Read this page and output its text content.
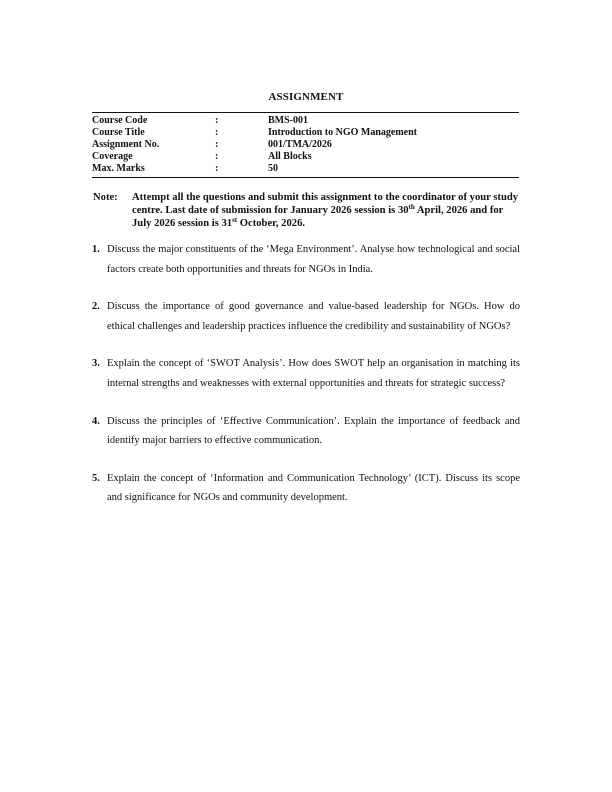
ASSIGNMENT
Course Code	:	BMS-001
Course Title	:	Introduction to NGO Management
Assignment No.	:	001/TMA/2026
Coverage	:	All Blocks
Max. Marks	:	50
Note:	Attempt all the questions and submit this assignment to the coordinator of your study centre. Last date of submission for January 2026 session is 30th April, 2026 and for July 2026 session is 31st October, 2026.
1. Discuss the major constituents of the ‘Mega Environment’. Analyse how technological and social factors create both opportunities and threats for NGOs in India.
2. Discuss the importance of good governance and value-based leadership for NGOs. How do ethical challenges and leadership practices influence the credibility and sustainability of NGOs?
3. Explain the concept of ‘SWOT Analysis’. How does SWOT help an organisation in matching its internal strengths and weaknesses with external opportunities and threats for strategic success?
4. Discuss the principles of ‘Effective Communication’. Explain the importance of feedback and identify major barriers to effective communication.
5. Explain the concept of ‘Information and Communication Technology’ (ICT). Discuss its scope and significance for NGOs and community development.
